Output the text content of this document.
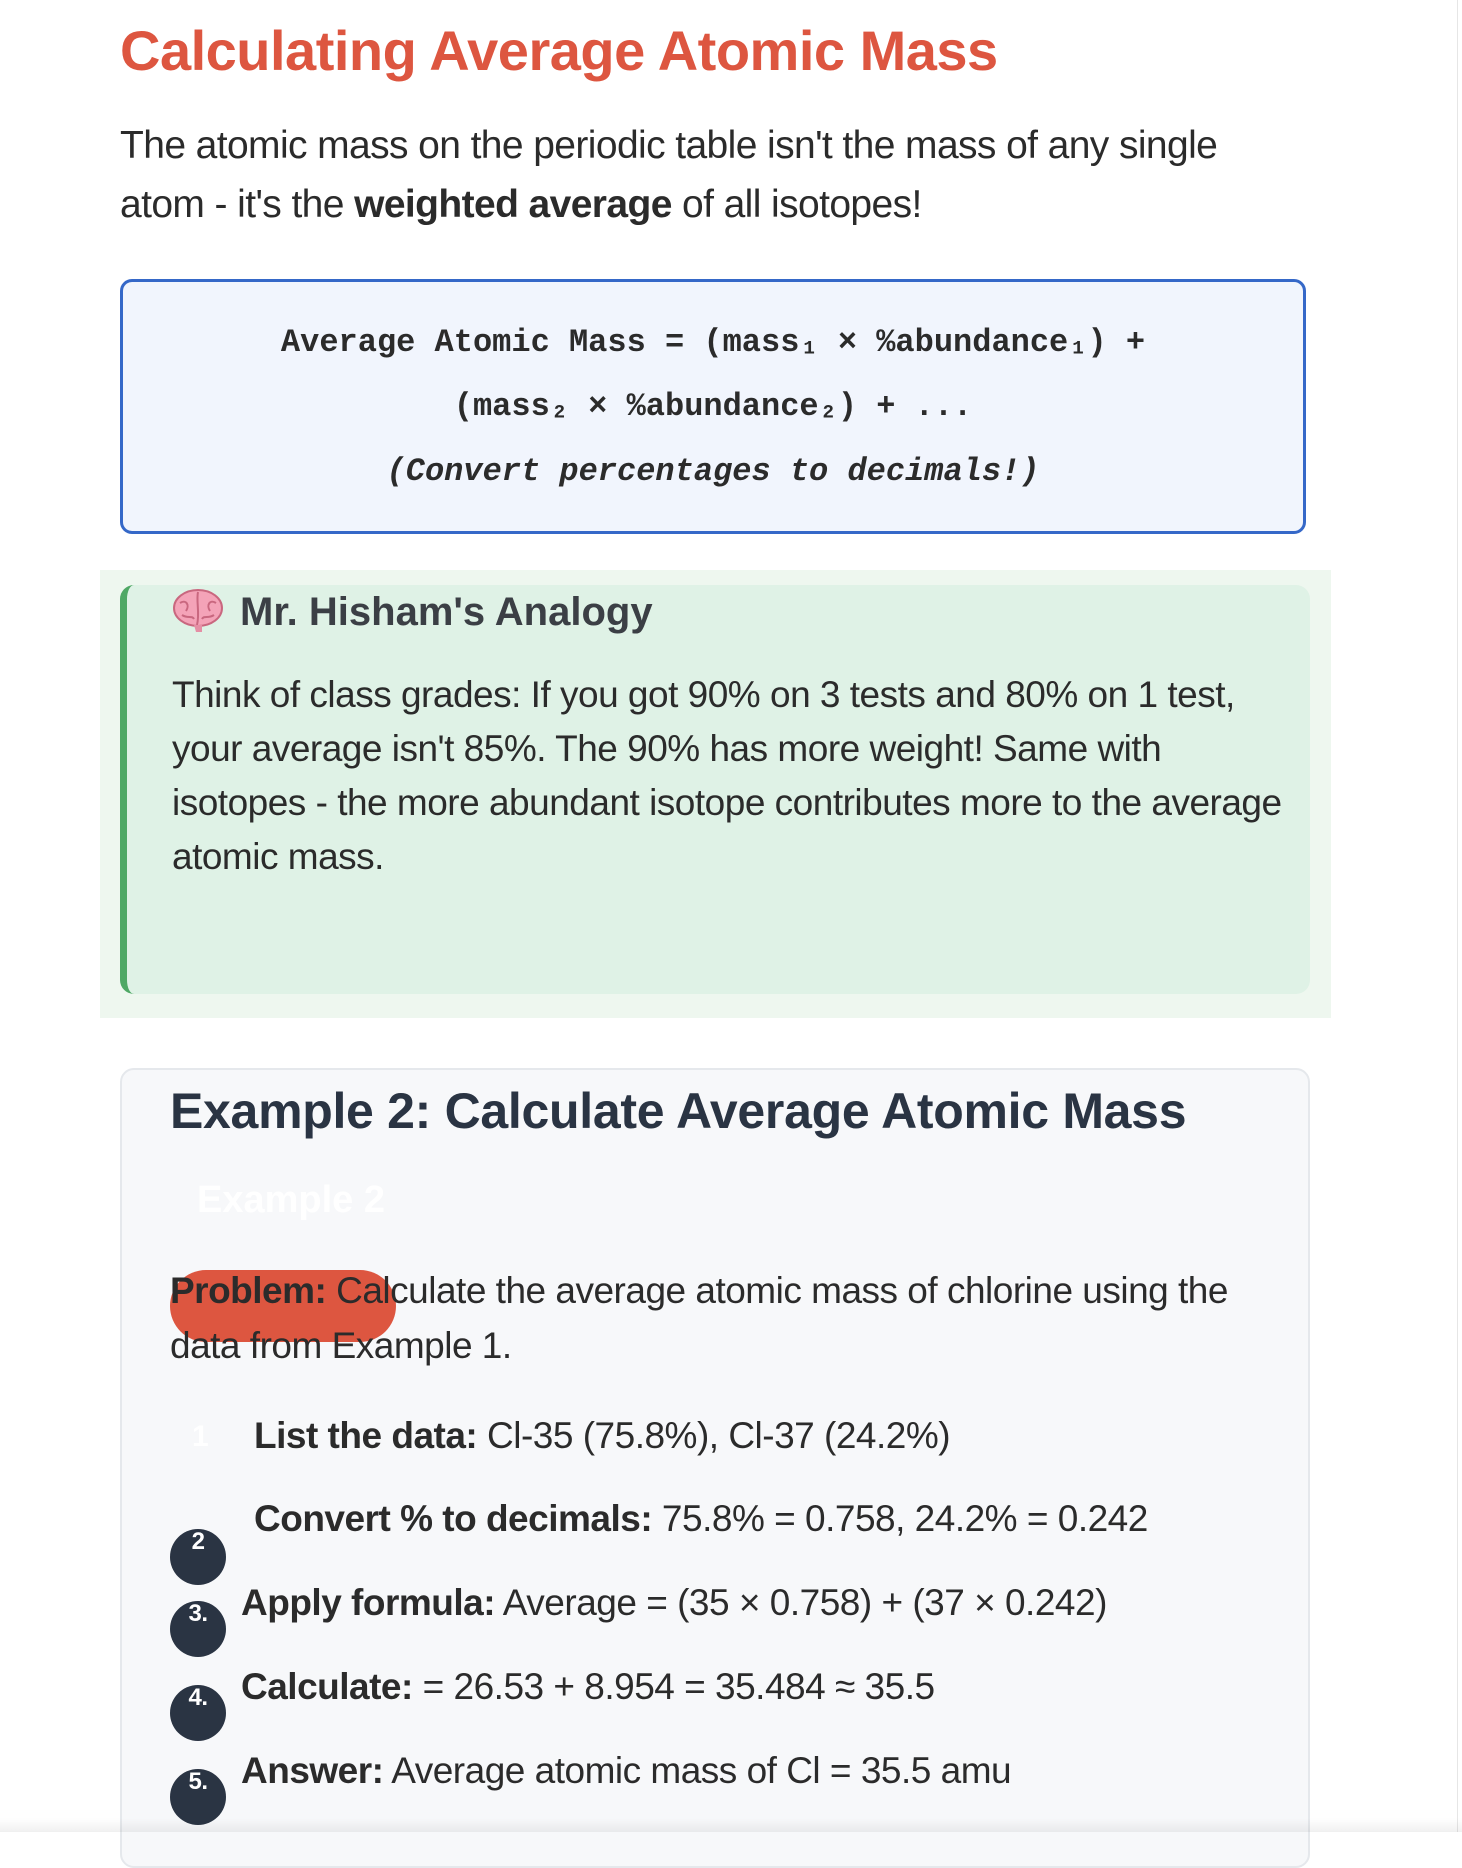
Calculating Average Atomic Mass

The atomic mass on the periodic table isn't the mass of any single atom - it's the weighted average of all isotopes!

Average Atomic Mass = (mass₁ × %abundance₁) +
(mass₂ × %abundance₂) + ...
(Convert percentages to decimals!)
Mr. Hisham's Analogy

Think of class grades: If you got 90% on 3 tests and 80% on 1 test, your average isn't 85%. The 90% has more weight! Same with isotopes - the more abundant isotope contributes more to the average atomic mass.

Example 2: Calculate Average Atomic Mass
Example 2

Problem: Calculate the average atomic mass of chlorine using the data from Example 1.

1 List the data: Cl-35 (75.8%), Cl-37 (24.2%)
2
Convert % to decimals: 75.8% = 0.758, 24.2% = 0.242
3. Apply formula: Average = (35 × 0.758) + (37 × 0.242)
4. Calculate: = 26.53 + 8.954 = 35.484 ≈ 35.5
5. Answer: Average atomic mass of Cl = 35.5 amu
